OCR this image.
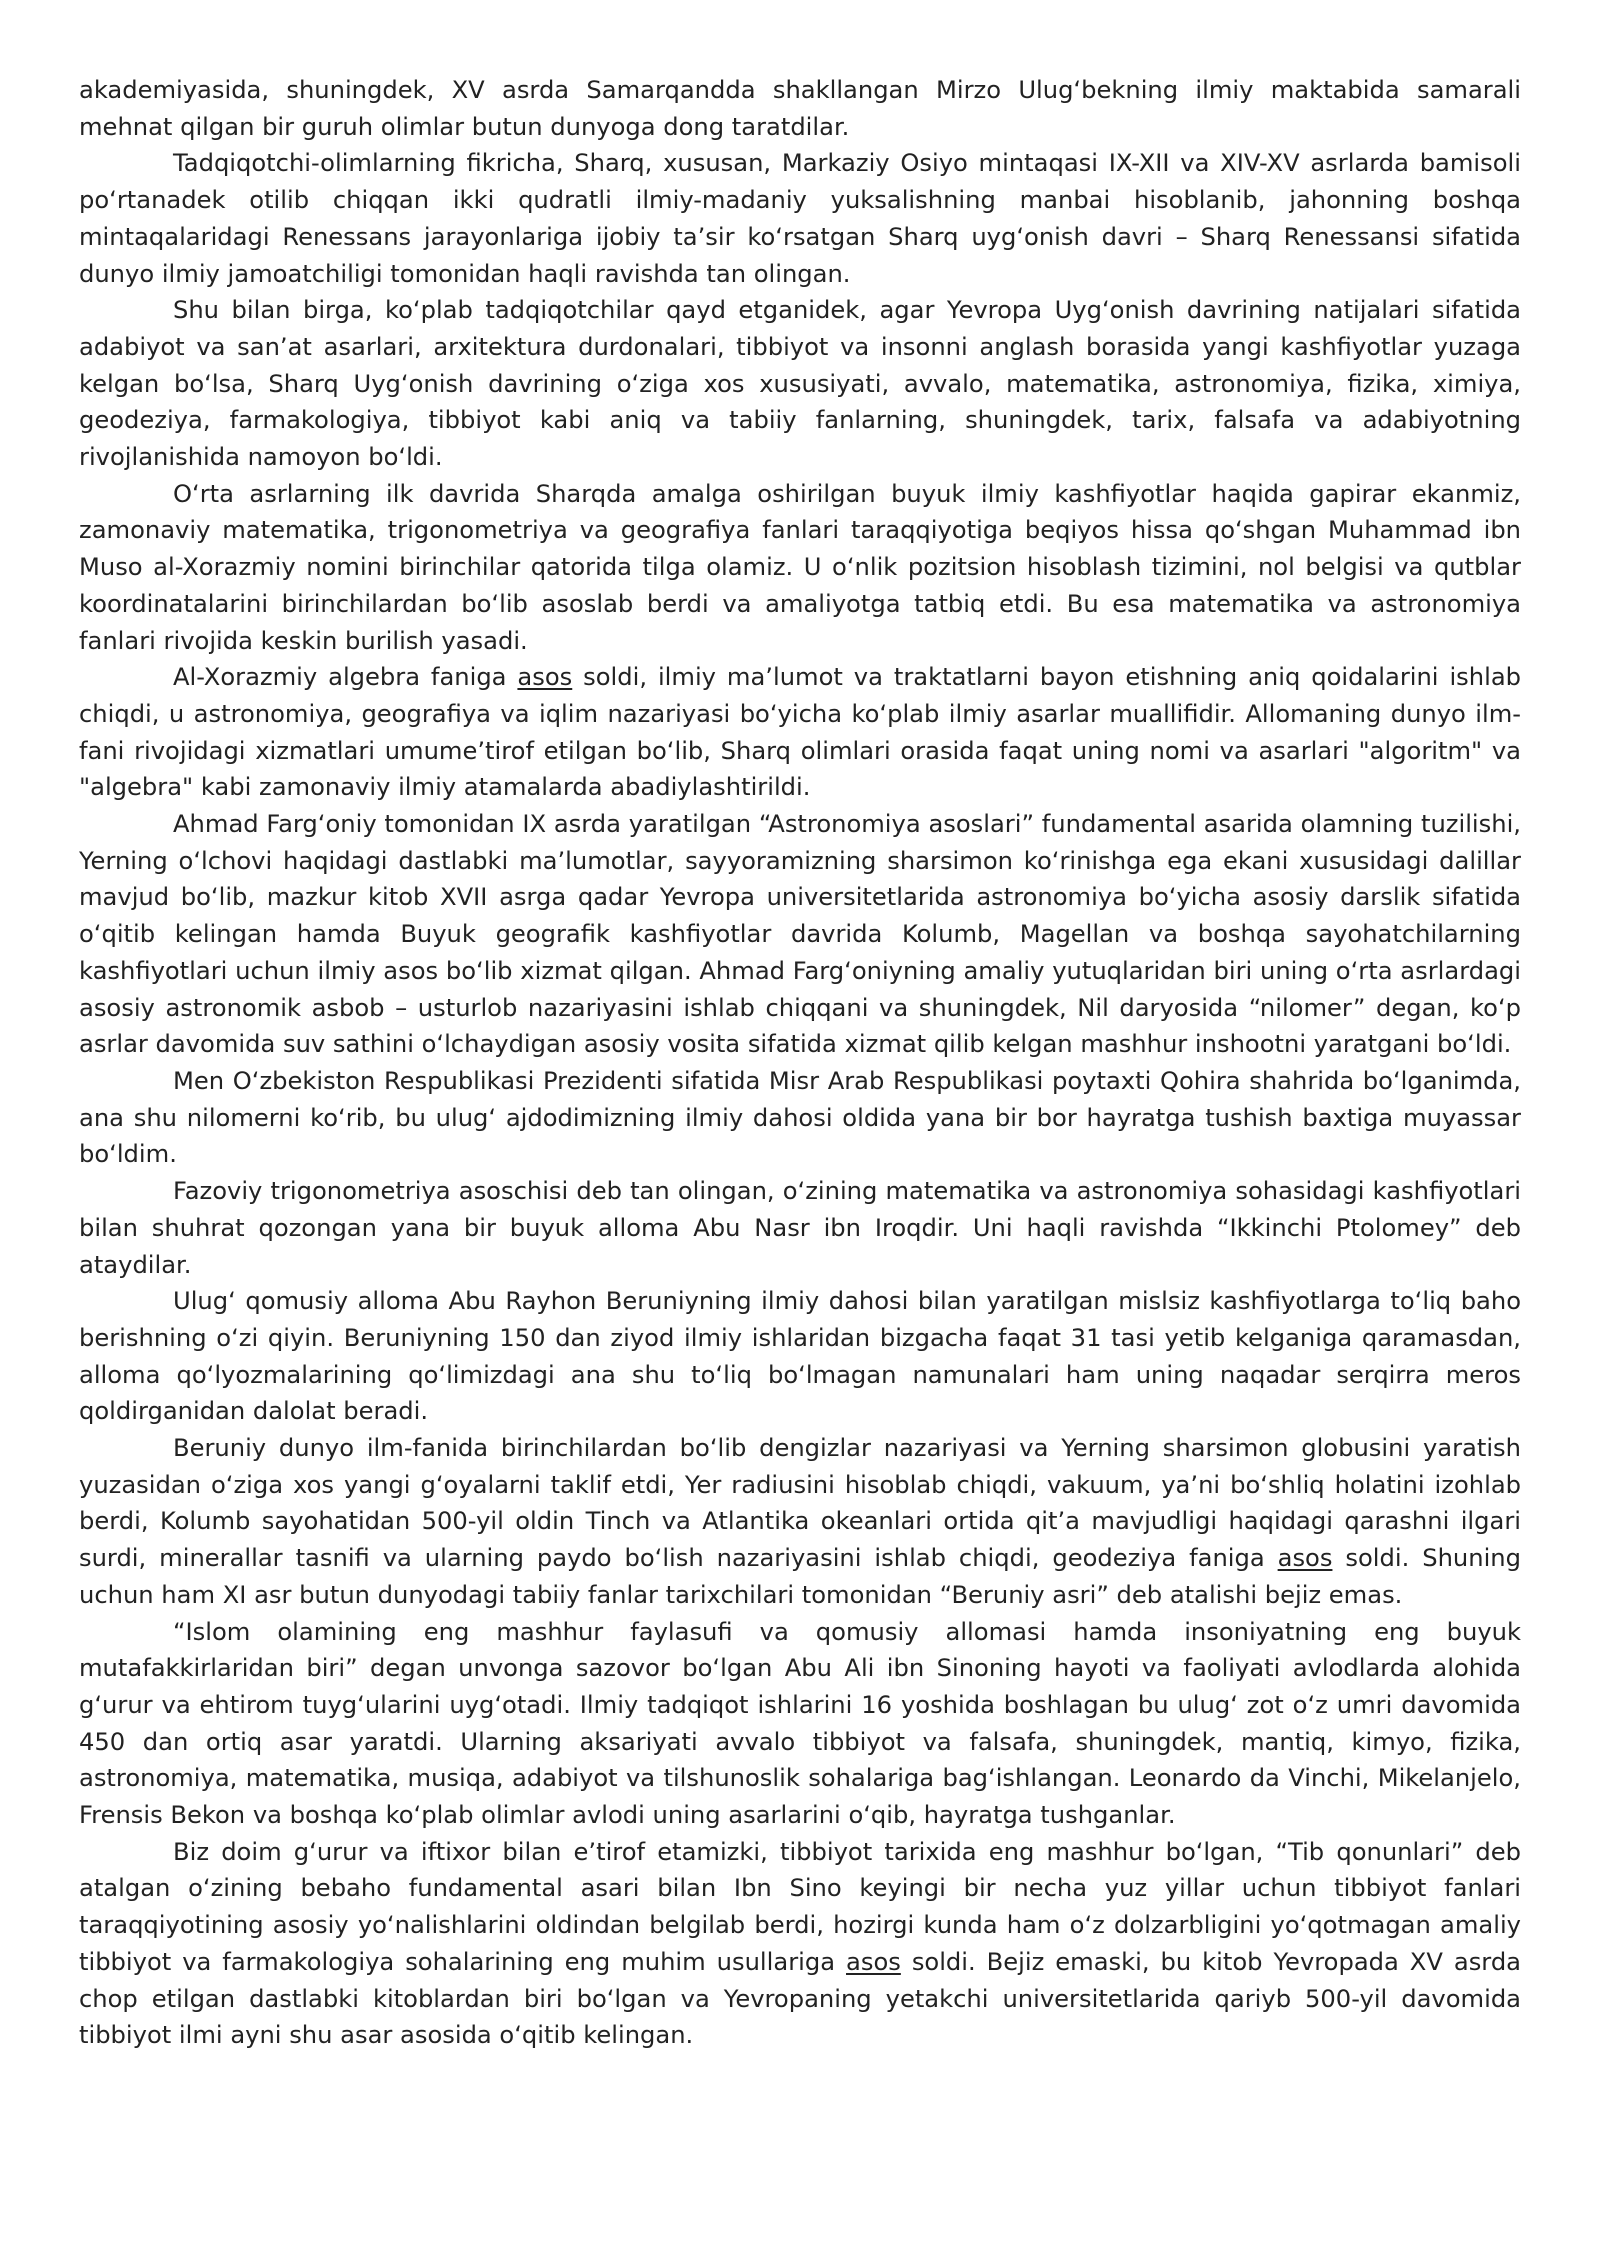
akademiyasida, shuningdek, XV asrda Samarqandda shakllangan Mirzo Ulug‘bekning ilmiy maktabida samarali mehnat qilgan bir guruh olimlar butun dunyoga dong taratdilar.

Tadqiqotchi-olimlarning fikricha, Sharq, xususan, Markaziy Osiyo mintaqasi IX-XII va XIV-XV asrlarda bamisoli po‘rtanadek otilib chiqqan ikki qudratli ilmiy-madaniy yuksalishning manbai hisoblanib, jahonning boshqa mintaqalaridagi Renessans jarayonlariga ijobiy ta’sir ko‘rsatgan Sharq uyg‘onish davri – Sharq Renessansi sifatida dunyo ilmiy jamoatchiligi tomonidan haqli ravishda tan olingan.

Shu bilan birga, ko‘plab tadqiqotchilar qayd etganidek, agar Yevropa Uyg‘onish davrining natijalari sifatida adabiyot va san’at asarlari, arxitektura durdonalari, tibbiyot va insonni anglash borasida yangi kashfiyotlar yuzaga kelgan bo‘lsa, Sharq Uyg‘onish davrining o‘ziga xos xususiyati, avvalo, matematika, astronomiya, fizika, ximiya, geodeziya, farmakologiya, tibbiyot kabi aniq va tabiiy fanlarning, shuningdek, tarix, falsafa va adabiyotning rivojlanishida namoyon bo‘ldi.

O‘rta asrlarning ilk davrida Sharqda amalga oshirilgan buyuk ilmiy kashfiyotlar haqida gapirar ekanmiz, zamonaviy matematika, trigonometriya va geografiya fanlari taraqqiyotiga beqiyos hissa qo‘shgan Muhammad ibn Muso al-Xorazmiy nomini birinchilar qatorida tilga olamiz. U o‘nlik pozitsion hisoblash tizimini, nol belgisi va qutblar koordinatalarini birinchilardan bo‘lib asoslab berdi va amaliyotga tatbiq etdi. Bu esa matematika va astronomiya fanlari rivojida keskin burilish yasadi.

Al-Xorazmiy algebra faniga asos soldi, ilmiy ma’lumot va traktatlarni bayon etishning aniq qoidalarini ishlab chiqdi, u astronomiya, geografiya va iqlim nazariyasi bo‘yicha ko‘plab ilmiy asarlar muallifidir. Allomaning dunyo ilm-fani rivojidagi xizmatlari umume’tirof etilgan bo‘lib, Sharq olimlari orasida faqat uning nomi va asarlari "algoritm" va "algebra" kabi zamonaviy ilmiy atamalarda abadiylashtirildi.

Ahmad Farg‘oniy tomonidan IX asrda yaratilgan “Astronomiya asoslari” fundamental asarida olamning tuzilishi, Yerning o‘lchovi haqidagi dastlabki ma’lumotlar, sayyoramizning sharsimon ko‘rinishga ega ekani xususidagi dalillar mavjud bo‘lib, mazkur kitob XVII asrga qadar Yevropa universitetlarida astronomiya bo‘yicha asosiy darslik sifatida o‘qitib kelingan hamda Buyuk geografik kashfiyotlar davrida Kolumb, Magellan va boshqa sayohatchilarning kashfiyotlari uchun ilmiy asos bo‘lib xizmat qilgan. Ahmad Farg‘oniyning amaliy yutuqlaridan biri uning o‘rta asrlardagi asosiy astronomik asbob – usturlob nazariyasini ishlab chiqqani va shuningdek, Nil daryosida “nilomer” degan, ko‘p asrlar davomida suv sathini o‘lchaydigan asosiy vosita sifatida xizmat qilib kelgan mashhur inshootni yaratgani bo‘ldi.

Men O‘zbekiston Respublikasi Prezidenti sifatida Misr Arab Respublikasi poytaxti Qohira shahrida bo‘lganimda, ana shu nilomerni ko‘rib, bu ulug‘ ajdodimizning ilmiy dahosi oldida yana bir bor hayratga tushish baxtiga muyassar bo‘ldim.

Fazoviy trigonometriya asoschisi deb tan olingan, o‘zining matematika va astronomiya sohasidagi kashfiyotlari bilan shuhrat qozongan yana bir buyuk alloma Abu Nasr ibn Iroqdir. Uni haqli ravishda “Ikkinchi Ptolomey” deb ataydilar.

Ulug‘ qomusiy alloma Abu Rayhon Beruniyning ilmiy dahosi bilan yaratilgan mislsiz kashfiyotlarga to‘liq baho berishning o‘zi qiyin. Beruniyning 150 dan ziyod ilmiy ishlaridan bizgacha faqat 31 tasi yetib kelganiga qaramasdan, alloma qo‘lyozmalarining qo‘limizdagi ana shu to‘liq bo‘lmagan namunalari ham uning naqadar serqirra meros qoldirganidan dalolat beradi.

Beruniy dunyo ilm-fanida birinchilardan bo‘lib dengizlar nazariyasi va Yerning sharsimon globusini yaratish yuzasidan o‘ziga xos yangi g‘oyalarni taklif etdi, Yer radiusini hisoblab chiqdi, vakuum, ya’ni bo‘shliq holatini izohlab berdi, Kolumb sayohatidan 500-yil oldin Tinch va Atlantika okeanlari ortida qit’a mavjudligi haqidagi qarashni ilgari surdi, minerallar tasnifi va ularning paydo bo‘lish nazariyasini ishlab chiqdi, geodeziya faniga asos soldi. Shuning uchun ham XI asr butun dunyodagi tabiiy fanlar tarixchilari tomonidan “Beruniy asri” deb atalishi bejiz emas.

“Islom olamining eng mashhur faylasufi va qomusiy allomasi hamda insoniyatning eng buyuk mutafakkirlaridan biri” degan unvonga sazovor bo‘lgan Abu Ali ibn Sinoning hayoti va faoliyati avlodlarda alohida g‘urur va ehtirom tuyg‘ularini uyg‘otadi. Ilmiy tadqiqot ishlarini 16 yoshida boshlagan bu ulug‘ zot o‘z umri davomida 450 dan ortiq asar yaratdi. Ularning aksariyati avvalo tibbiyot va falsafa, shuningdek, mantiq, kimyo, fizika, astronomiya, matematika, musiqa, adabiyot va tilshunoslik sohalariga bag‘ishlangan. Leonardo da Vinchi, Mikelanjelo, Frensis Bekon va boshqa ko‘plab olimlar avlodi uning asarlarini o‘qib, hayratga tushganlar.

Biz doim g‘urur va iftixor bilan e’tirof etamizki, tibbiyot tarixida eng mashhur bo‘lgan, “Tib qonunlari” deb atalgan o‘zining bebaho fundamental asari bilan Ibn Sino keyingi bir necha yuz yillar uchun tibbiyot fanlari taraqqiyotining asosiy yo‘nalishlarini oldindan belgilab berdi, hozirgi kunda ham o‘z dolzarbligini yo‘qotmagan amaliy tibbiyot va farmakologiya sohalarining eng muhim usullariga asos soldi. Bejiz emaski, bu kitob Yevropada XV asrda chop etilgan dastlabki kitoblardan biri bo‘lgan va Yevropaning yetakchi universitetlarida qariyb 500-yil davomida tibbiyot ilmi ayni shu asar asosida o‘qitib kelingan.
